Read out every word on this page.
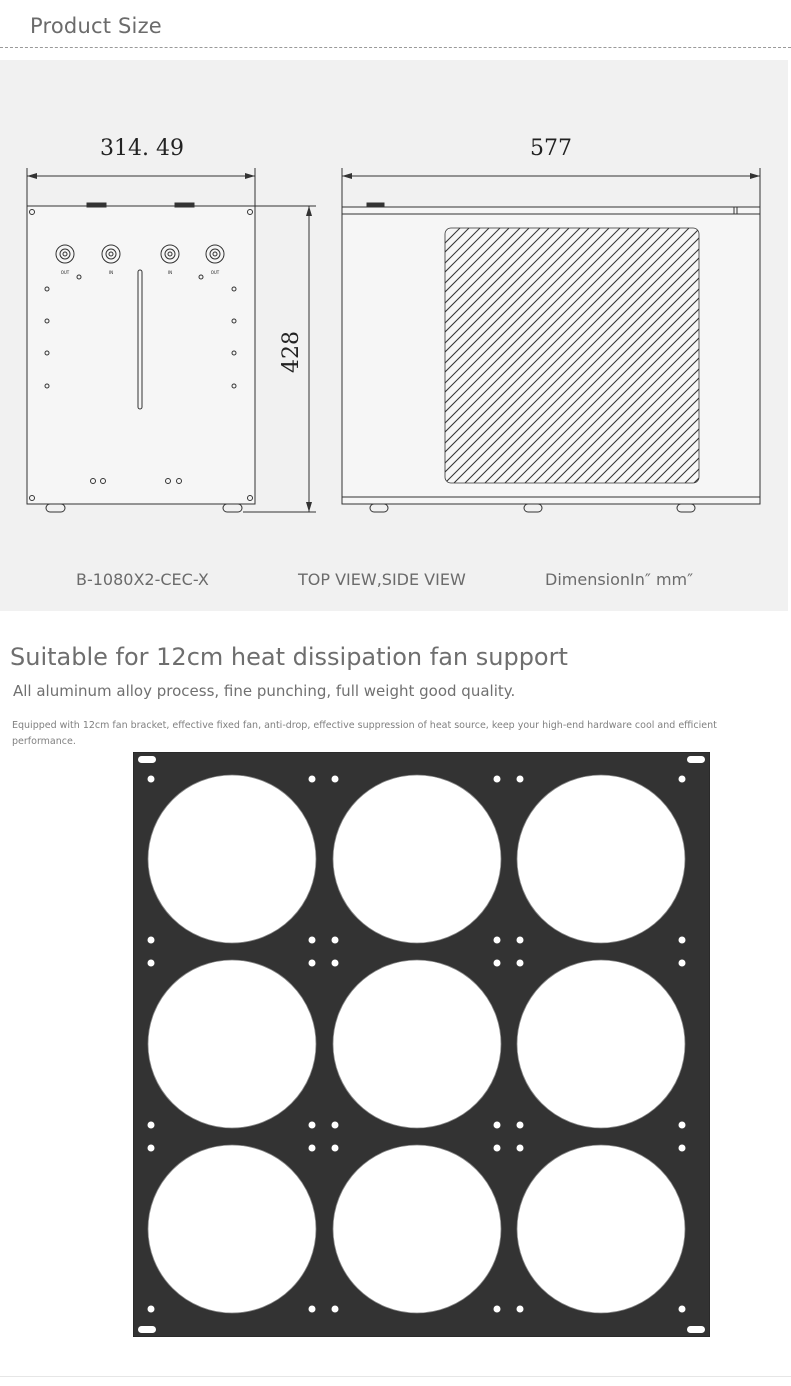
Product Size
314. 49	577
428
OUT	IN	IN	OUT
B-1080X2-CEC-X	TOP VIEW,SIDE VIEW	DimensionIn″ mm″
Suitable for 12cm heat dissipation fan support
All aluminum alloy process, fine punching, full weight good quality.
Equipped with 12cm fan bracket, effective fixed fan, anti-drop, effective suppression of heat source, keep your high-end hardware cool and efficient performance.
